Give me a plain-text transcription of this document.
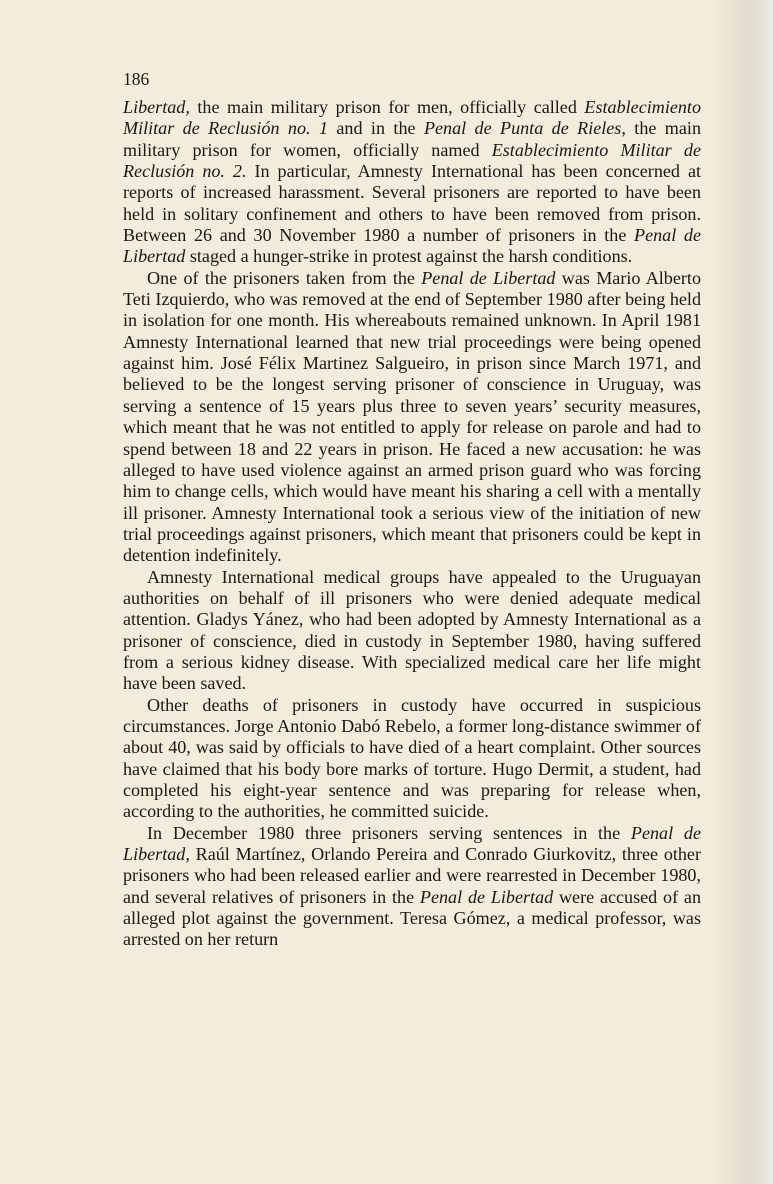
186

Libertad, the main military prison for men, officially called Establecimiento Militar de Reclusión no. 1 and in the Penal de Punta de Rieles, the main military prison for women, officially named Establecimiento Militar de Reclusión no. 2. In particular, Amnesty International has been concerned at reports of increased harassment. Several prisoners are reported to have been held in solitary confinement and others to have been removed from prison. Between 26 and 30 November 1980 a number of prisoners in the Penal de Libertad staged a hunger-strike in protest against the harsh conditions.

One of the prisoners taken from the Penal de Libertad was Mario Alberto Teti Izquierdo, who was removed at the end of September 1980 after being held in isolation for one month. His whereabouts remained unknown. In April 1981 Amnesty International learned that new trial proceedings were being opened against him. José Félix Martinez Salgueiro, in prison since March 1971, and believed to be the longest serving prisoner of conscience in Uruguay, was serving a sentence of 15 years plus three to seven years’ security measures, which meant that he was not entitled to apply for release on parole and had to spend between 18 and 22 years in prison. He faced a new accusation: he was alleged to have used violence against an armed prison guard who was forcing him to change cells, which would have meant his sharing a cell with a mentally ill prisoner. Amnesty International took a serious view of the initiation of new trial proceedings against prisoners, which meant that prisoners could be kept in detention indefinitely.

Amnesty International medical groups have appealed to the Uruguayan authorities on behalf of ill prisoners who were denied adequate medical attention. Gladys Yánez, who had been adopted by Amnesty International as a prisoner of conscience, died in custody in September 1980, having suffered from a serious kidney disease. With specialized medical care her life might have been saved.

Other deaths of prisoners in custody have occurred in suspicious circumstances. Jorge Antonio Dabó Rebelo, a former long-distance swimmer of about 40, was said by officials to have died of a heart complaint. Other sources have claimed that his body bore marks of torture. Hugo Dermit, a student, had completed his eight-year sentence and was preparing for release when, according to the authorities, he committed suicide.

In December 1980 three prisoners serving sentences in the Penal de Libertad, Raúl Martínez, Orlando Pereira and Conrado Giurkovitz, three other prisoners who had been released earlier and were rearrested in December 1980, and several relatives of prisoners in the Penal de Libertad were accused of an alleged plot against the government. Teresa Gómez, a medical professor, was arrested on her return
